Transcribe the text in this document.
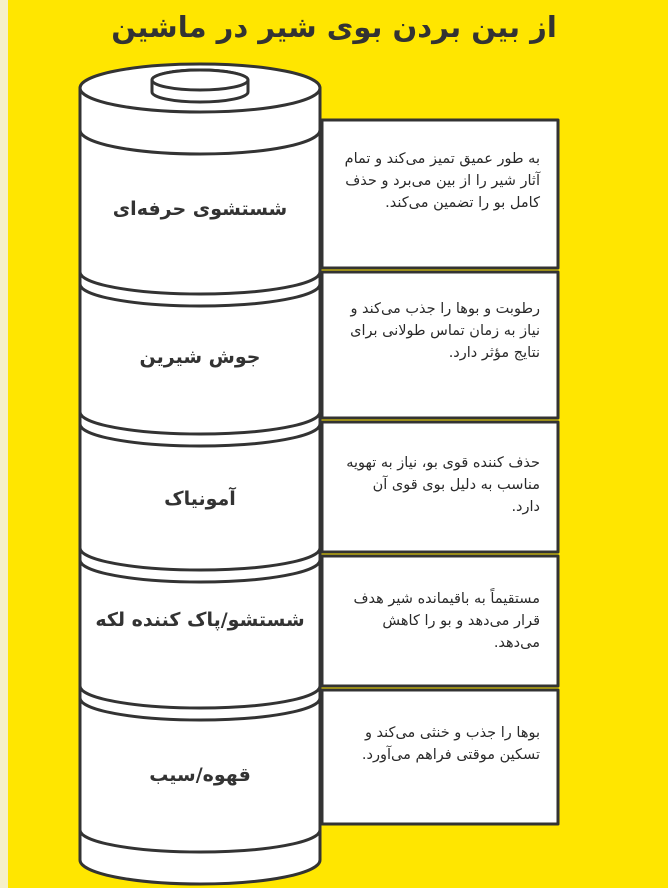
از بین بردن بوی شیر در ماشین
شستشوی حرفه‌ای
جوش شیرین
آمونیاک
شستشو/پاک کننده لکه
قهوه/سیب
به طور عمیق تمیز می‌کند و تمام آثار شیر را از بین می‌برد و حذف کامل بو را تضمین می‌کند.
رطوبت و بوها را جذب می‌کند و نیاز به زمان تماس طولانی برای نتایج مؤثر دارد.
حذف کننده قوی بو، نیاز به تهویه مناسب به دلیل بوی قوی آن دارد.
مستقیماً به باقیمانده شیر هدف قرار می‌دهد و بو را کاهش می‌دهد.
بوها را جذب و خنثی می‌کند و تسکین موقتی فراهم می‌آورد.
